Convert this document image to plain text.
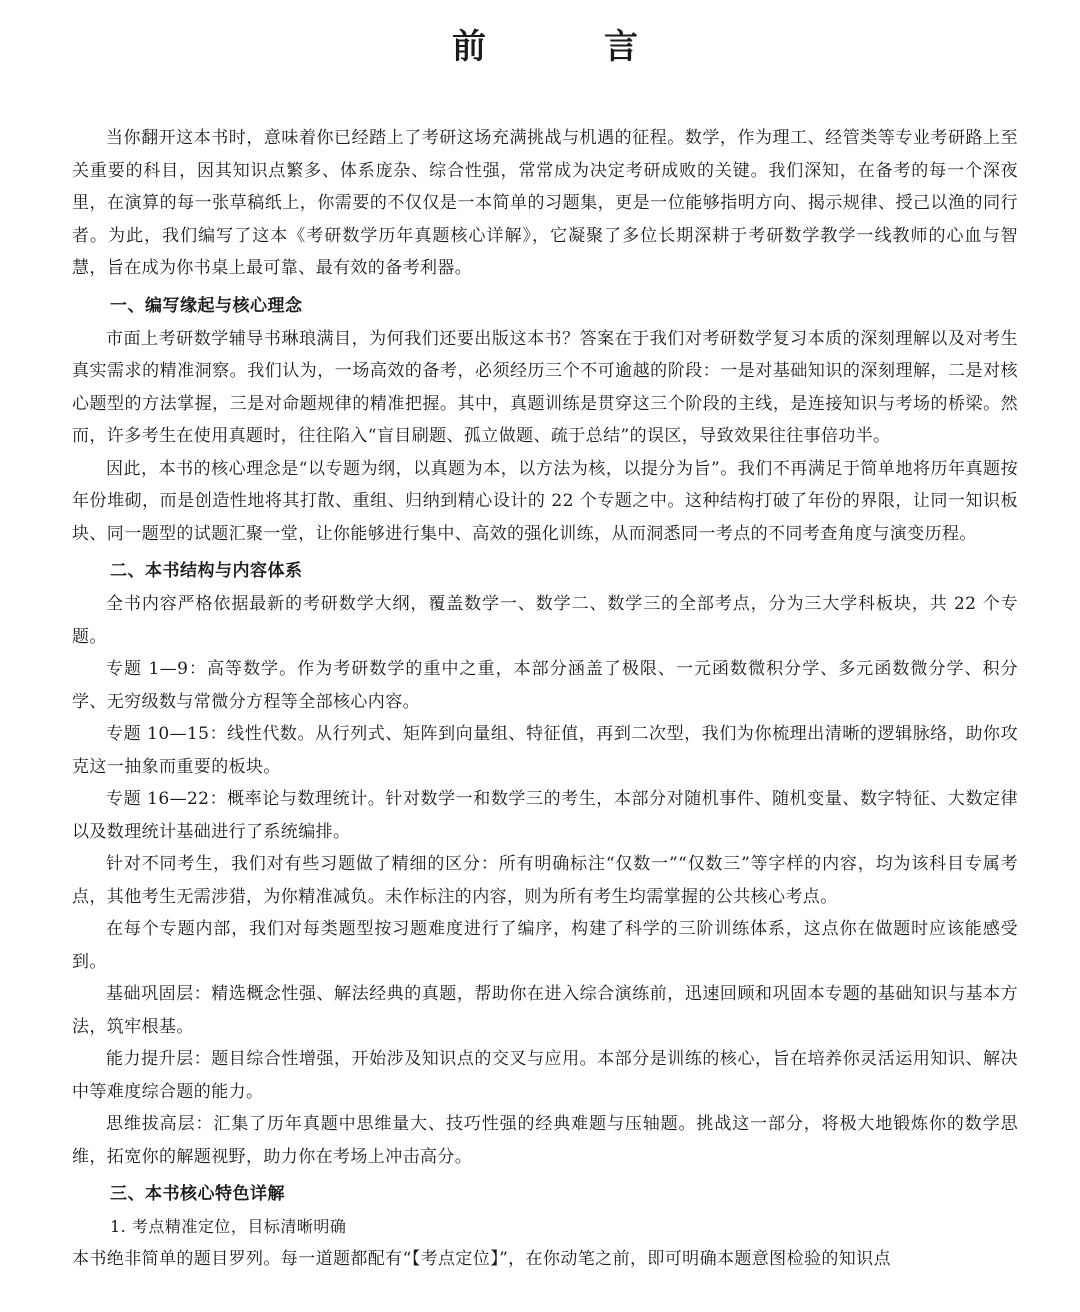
前　言

当你翻开这本书时，意味着你已经踏上了考研这场充满挑战与机遇的征程。数学，作为理工、经管类等专业考研路上至关重要的科目，因其知识点繁多、体系庞杂、综合性强，常常成为决定考研成败的关键。我们深知，在备考的每一个深夜里，在演算的每一张草稿纸上，你需要的不仅仅是一本简单的习题集，更是一位能够指明方向、揭示规律、授己以渔的同行者。为此，我们编写了这本《考研数学历年真题核心详解》，它凝聚了多位长期深耕于考研数学教学一线教师的心血与智慧，旨在成为你书桌上最可靠、最有效的备考利器。

一、编写缘起与核心理念

市面上考研数学辅导书琳琅满目，为何我们还要出版这本书？答案在于我们对考研数学复习本质的深刻理解以及对考生真实需求的精准洞察。我们认为，一场高效的备考，必须经历三个不可逾越的阶段：一是对基础知识的深刻理解，二是对核心题型的方法掌握，三是对命题规律的精准把握。其中，真题训练是贯穿这三个阶段的主线，是连接知识与考场的桥梁。然而，许多考生在使用真题时，往往陷入“盲目刷题、孤立做题、疏于总结”的误区，导致效果往往事倍功半。

因此，本书的核心理念是“以专题为纲，以真题为本，以方法为核，以提分为旨”。我们不再满足于简单地将历年真题按年份堆砌，而是创造性地将其打散、重组、归纳到精心设计的 22 个专题之中。这种结构打破了年份的界限，让同一知识板块、同一题型的试题汇聚一堂，让你能够进行集中、高效的强化训练，从而洞悉同一考点的不同考查角度与演变历程。

二、本书结构与内容体系

全书内容严格依据最新的考研数学大纲，覆盖数学一、数学二、数学三的全部考点，分为三大学科板块，共 22 个专题。

专题 1—9：高等数学。作为考研数学的重中之重，本部分涵盖了极限、一元函数微积分学、多元函数微分学、积分学、无穷级数与常微分方程等全部核心内容。

专题 10—15：线性代数。从行列式、矩阵到向量组、特征值，再到二次型，我们为你梳理出清晰的逻辑脉络，助你攻克这一抽象而重要的板块。

专题 16—22：概率论与数理统计。针对数学一和数学三的考生，本部分对随机事件、随机变量、数字特征、大数定律以及数理统计基础进行了系统编排。

针对不同考生，我们对有些习题做了精细的区分：所有明确标注“仅数一”“仅数三”等字样的内容，均为该科目专属考点，其他考生无需涉猎，为你精准减负。未作标注的内容，则为所有考生均需掌握的公共核心考点。

在每个专题内部，我们对每类题型按习题难度进行了编序，构建了科学的三阶训练体系，这点你在做题时应该能感受到。

基础巩固层：精选概念性强、解法经典的真题，帮助你在进入综合演练前，迅速回顾和巩固本专题的基础知识与基本方法，筑牢根基。

能力提升层：题目综合性增强，开始涉及知识点的交叉与应用。本部分是训练的核心，旨在培养你灵活运用知识、解决中等难度综合题的能力。

思维拔高层：汇集了历年真题中思维量大、技巧性强的经典难题与压轴题。挑战这一部分，将极大地锻炼你的数学思维，拓宽你的解题视野，助力你在考场上冲击高分。

三、本书核心特色详解
1. 考点精准定位，目标清晰明确

本书绝非简单的题目罗列。每一道题都配有“【考点定位】”，在你动笔之前，即可明确本题意图检验的知识点
